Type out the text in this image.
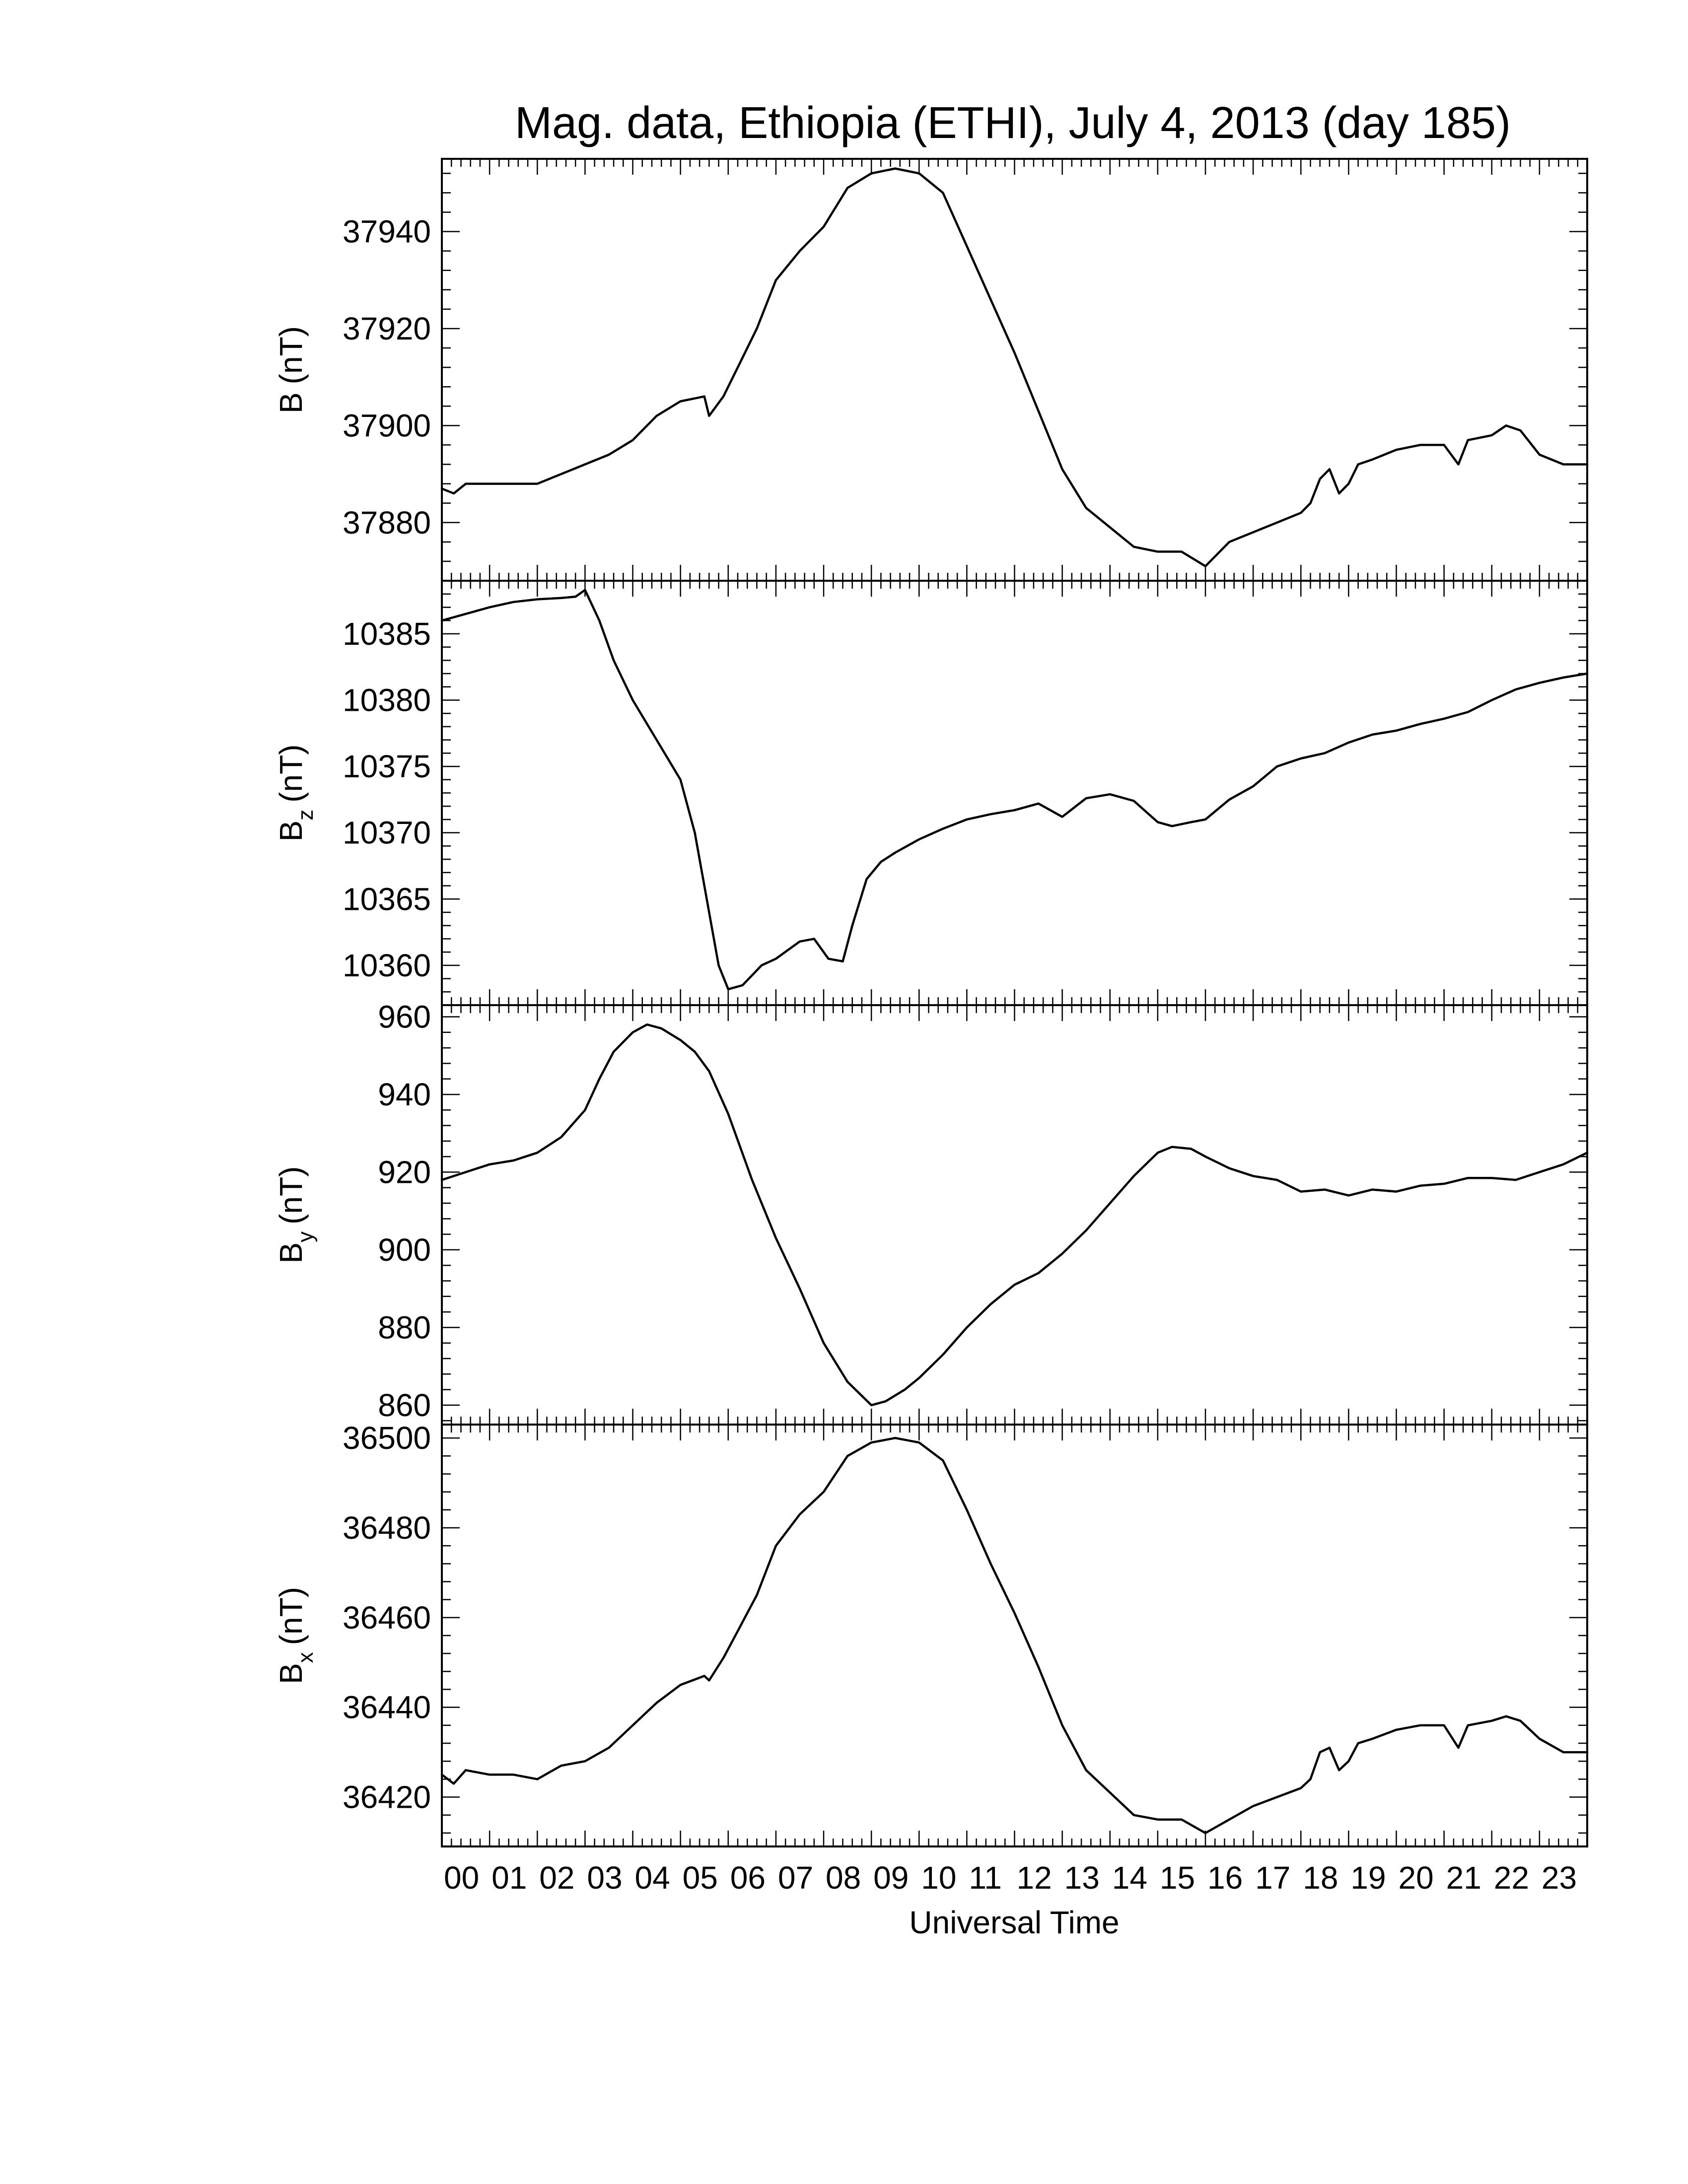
Mag. data, Ethiopia (ETHI), July 4, 2013 (day 185)
37880
37900
37920
37940
B(nT)
10360
10365
10370
10375
10380
10385
$B_z(nT)$
860
880
900
920
940
960
$B_y(nT)$
36420
36440
36460
36480
36500
$B_x(nT)$
00 01 02 03 04 05 06 07 08 09 10 11 12 13 14 15 16 17 18 19 20 21 22 23
Universal Time
